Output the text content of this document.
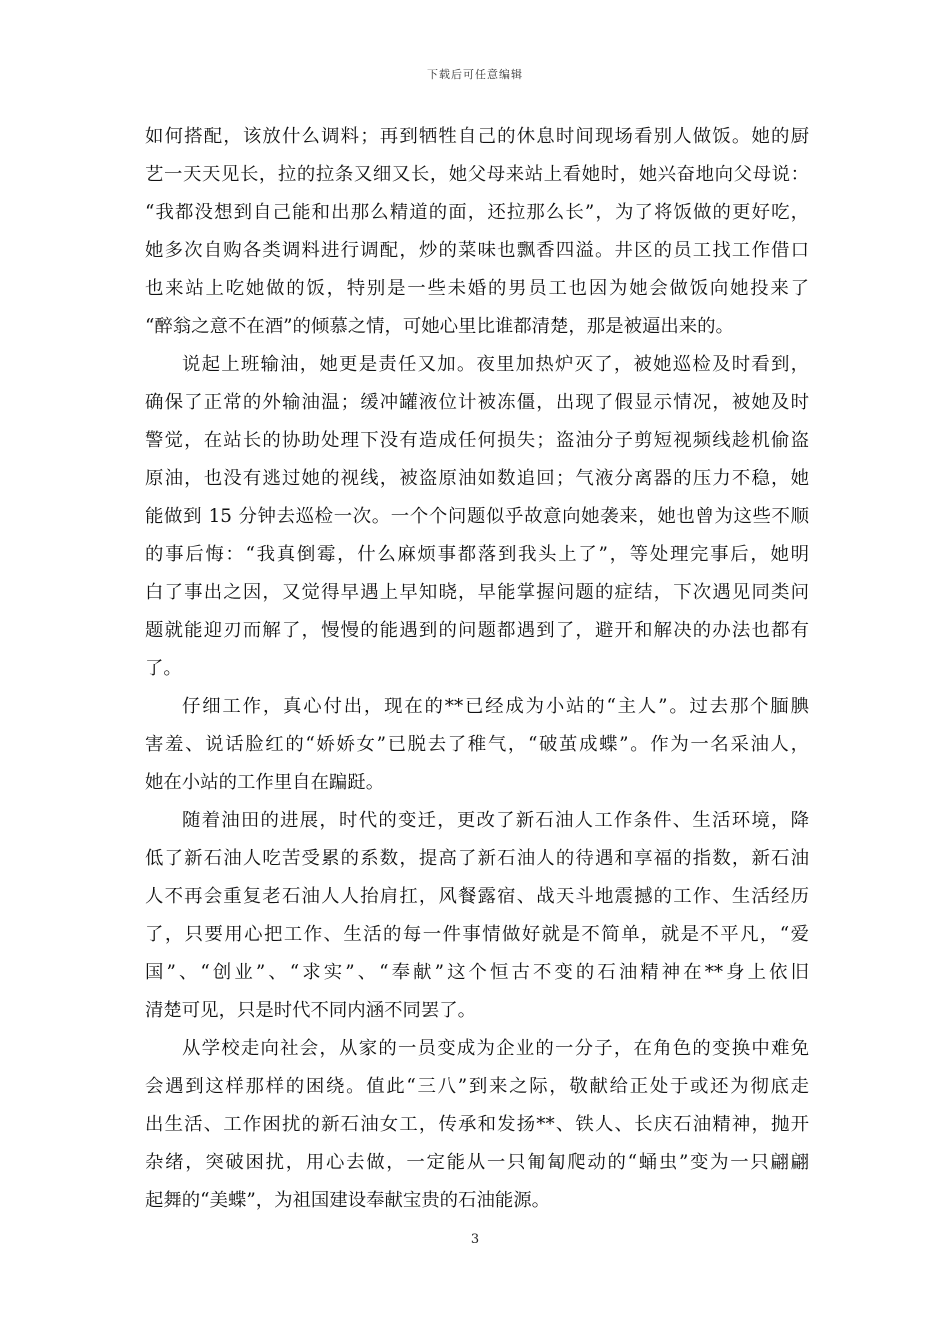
下载后可任意编辑
如何搭配，该放什么调料；再到牺牲自己的休息时间现场看别人做饭。她的厨
艺一天天见长，拉的拉条又细又长，她父母来站上看她时，她兴奋地向父母说：
“我都没想到自己能和出那么精道的面，还拉那么长”，为了将饭做的更好吃，
她多次自购各类调料进行调配，炒的菜味也飘香四溢。井区的员工找工作借口
也来站上吃她做的饭，特别是一些未婚的男员工也因为她会做饭向她投来了
“醉翁之意不在酒”的倾慕之情，可她心里比谁都清楚，那是被逼出来的。
说起上班输油，她更是责任又加。夜里加热炉灭了，被她巡检及时看到，
确保了正常的外输油温；缓冲罐液位计被冻僵，出现了假显示情况，被她及时
警觉，在站长的协助处理下没有造成任何损失；盗油分子剪短视频线趁机偷盗
原油，也没有逃过她的视线，被盗原油如数追回；气液分离器的压力不稳，她
能做到 15 分钟去巡检一次。一个个问题似乎故意向她袭来，她也曾为这些不顺
的事后悔：“我真倒霉，什么麻烦事都落到我头上了”，等处理完事后，她明
白了事出之因，又觉得早遇上早知晓，早能掌握问题的症结，下次遇见同类问
题就能迎刃而解了，慢慢的能遇到的问题都遇到了，避开和解决的办法也都有
了。
仔细工作，真心付出，现在的**已经成为小站的“主人”。过去那个腼腆
害羞、说话脸红的“娇娇女”已脱去了稚气，“破茧成蝶”。作为一名采油人，
她在小站的工作里自在蹁跹。
随着油田的进展，时代的变迁，更改了新石油人工作条件、生活环境，降
低了新石油人吃苦受累的系数，提高了新石油人的待遇和享福的指数，新石油
人不再会重复老石油人人抬肩扛，风餐露宿、战天斗地震撼的工作、生活经历
了，只要用心把工作、生活的每一件事情做好就是不简单，就是不平凡，“爱
国”、“创业”、“求实”、“奉献”这个恒古不变的石油精神在**身上依旧
清楚可见，只是时代不同内涵不同罢了。
从学校走向社会，从家的一员变成为企业的一分子，在角色的变换中难免
会遇到这样那样的困绕。值此“三八”到来之际，敬献给正处于或还为彻底走
出生活、工作困扰的新石油女工，传承和发扬**、铁人、长庆石油精神，抛开
杂绪，突破困扰，用心去做，一定能从一只匍匐爬动的“蛹虫”变为一只翩翩
起舞的“美蝶”，为祖国建设奉献宝贵的石油能源。
3
